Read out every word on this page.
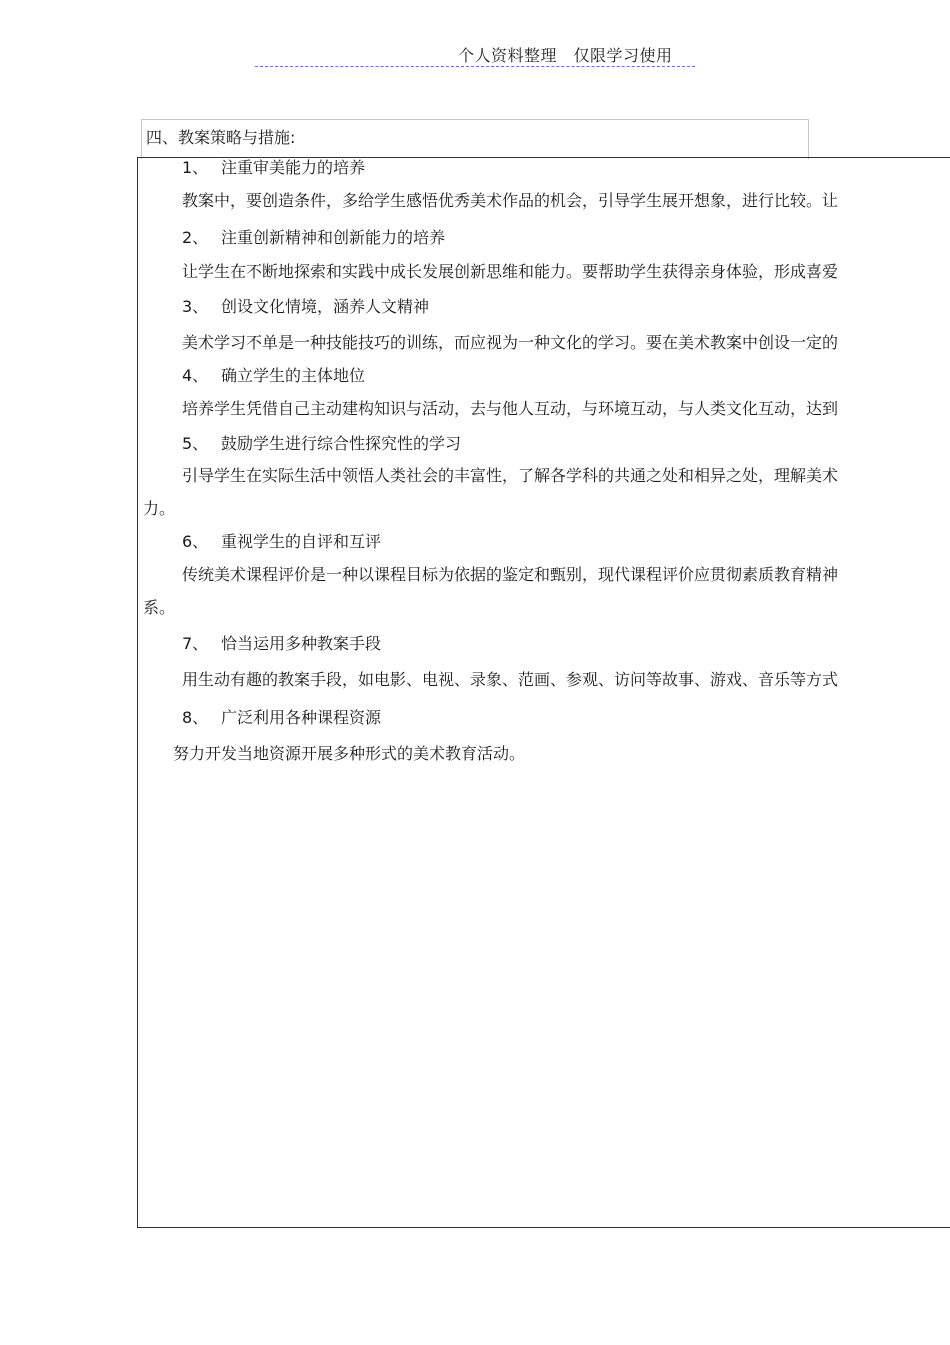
个人资料整理　仅限学习使用
四、教案策略与措施:
1、 注重审美能力的培养
教案中，要创造条件，多给学生感悟优秀美术作品的机会，引导学生展开想象，进行比较。让
2、 注重创新精神和创新能力的培养
让学生在不断地探索和实践中成长发展创新思维和能力。要帮助学生获得亲身体验，形成喜爱
3、 创设文化情境，涵养人文精神
美术学习不单是一种技能技巧的训练，而应视为一种文化的学习。要在美术教案中创设一定的
4、 确立学生的主体地位
培养学生凭借自己主动建构知识与活动，去与他人互动，与环境互动，与人类文化互动，达到
5、 鼓励学生进行综合性探究性的学习
引导学生在实际生活中领悟人类社会的丰富性，了解各学科的共通之处和相异之处，理解美术
力。
6、 重视学生的自评和互评
传统美术课程评价是一种以课程目标为依据的鉴定和甄别，现代课程评价应贯彻素质教育精神
系。
7、 恰当运用多种教案手段
用生动有趣的教案手段，如电影、电视、录象、范画、参观、访问等故事、游戏、音乐等方式
8、 广泛利用各种课程资源
努力开发当地资源开展多种形式的美术教育活动。
